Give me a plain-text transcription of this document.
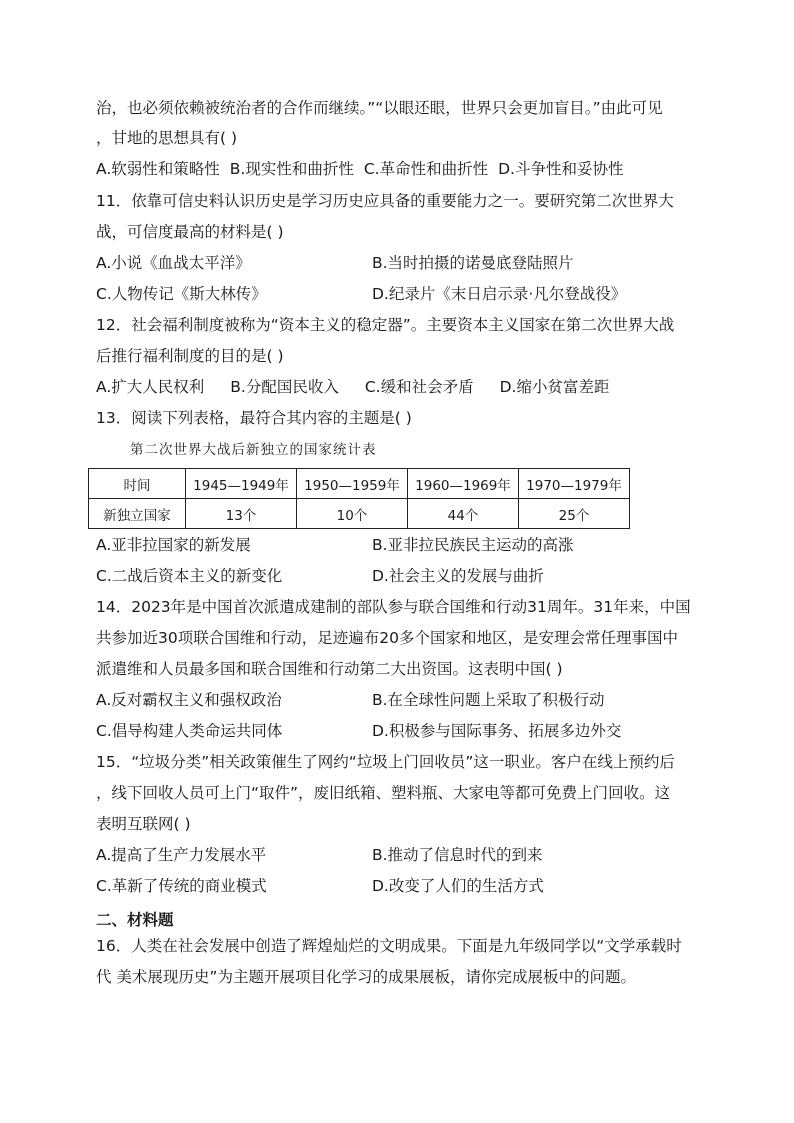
治，也必须依赖被统治者的合作而继续。”“以眼还眼，世界只会更加盲目。”由此可见
，甘地的思想具有( )
A.软弱性和策略性 B.现实性和曲折性 C.革命性和曲折性 D.斗争性和妥协性
11．依靠可信史料认识历史是学习历史应具备的重要能力之一。要研究第二次世界大
战，可信度最高的材料是( )
A.小说《血战太平洋》	B.当时拍摄的诺曼底登陆照片
C.人物传记《斯大林传》	D.纪录片《末日启示录·凡尔登战役》
12．社会福利制度被称为“资本主义的稳定器”。主要资本主义国家在第二次世界大战
后推行福利制度的目的是( )
A.扩大人民权利 B.分配国民收入 C.缓和社会矛盾 D.缩小贫富差距
13．阅读下列表格，最符合其内容的主题是( )
第二次世界大战后新独立的国家统计表
时间	1945—1949年	1950—1959年	1960—1969年	1970—1979年
新独立国家	13个	10个	44个	25个
A.亚非拉国家的新发展	B.亚非拉民族民主运动的高涨
C.二战后资本主义的新变化	D.社会主义的发展与曲折
14．2023年是中国首次派遣成建制的部队参与联合国维和行动31周年。31年来，中国
共参加近30项联合国维和行动，足迹遍布20多个国家和地区，是安理会常任理事国中
派遣维和人员最多国和联合国维和行动第二大出资国。这表明中国( )
A.反对霸权主义和强权政治	B.在全球性问题上采取了积极行动
C.倡导构建人类命运共同体	D.积极参与国际事务、拓展多边外交
15．“垃圾分类”相关政策催生了网约“垃圾上门回收员”这一职业。客户在线上预约后
，线下回收人员可上门“取件”，废旧纸箱、塑料瓶、大家电等都可免费上门回收。这
表明互联网( )
A.提高了生产力发展水平	B.推动了信息时代的到来
C.革新了传统的商业模式	D.改变了人们的生活方式
二、材料题
16．人类在社会发展中创造了辉煌灿烂的文明成果。下面是九年级同学以“文学承载时
代 美术展现历史”为主题开展项目化学习的成果展板，请你完成展板中的问题。
